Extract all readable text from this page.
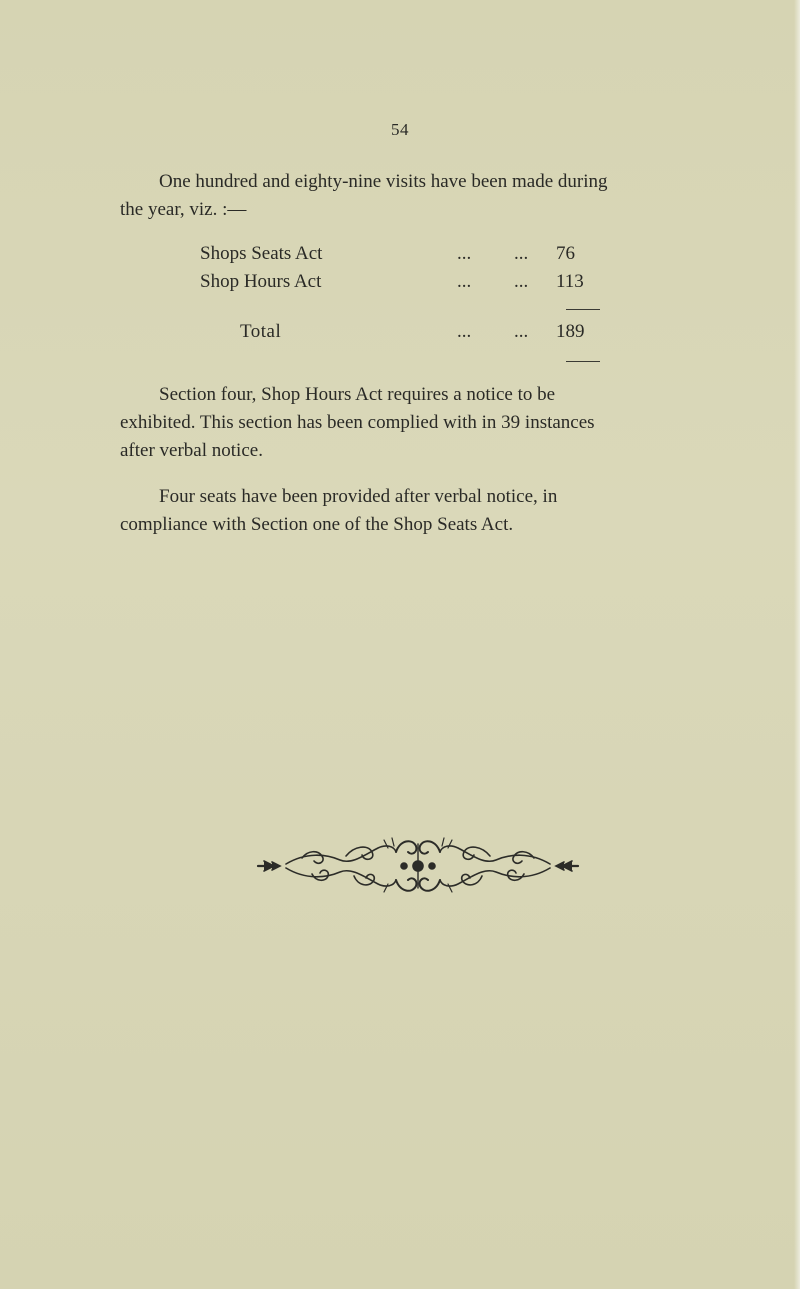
54

One hundred and eighty-nine visits have been made during
the year, viz. :—

Shops Seats Act	... ... 76
Shop Hours Act	... ... 113
Total	... ... 189

Section four, Shop Hours Act requires a notice to be
exhibited. This section has been complied with in 39 instances
after verbal notice.

Four seats have been provided after verbal notice, in
compliance with Section one of the Shop Seats Act.
